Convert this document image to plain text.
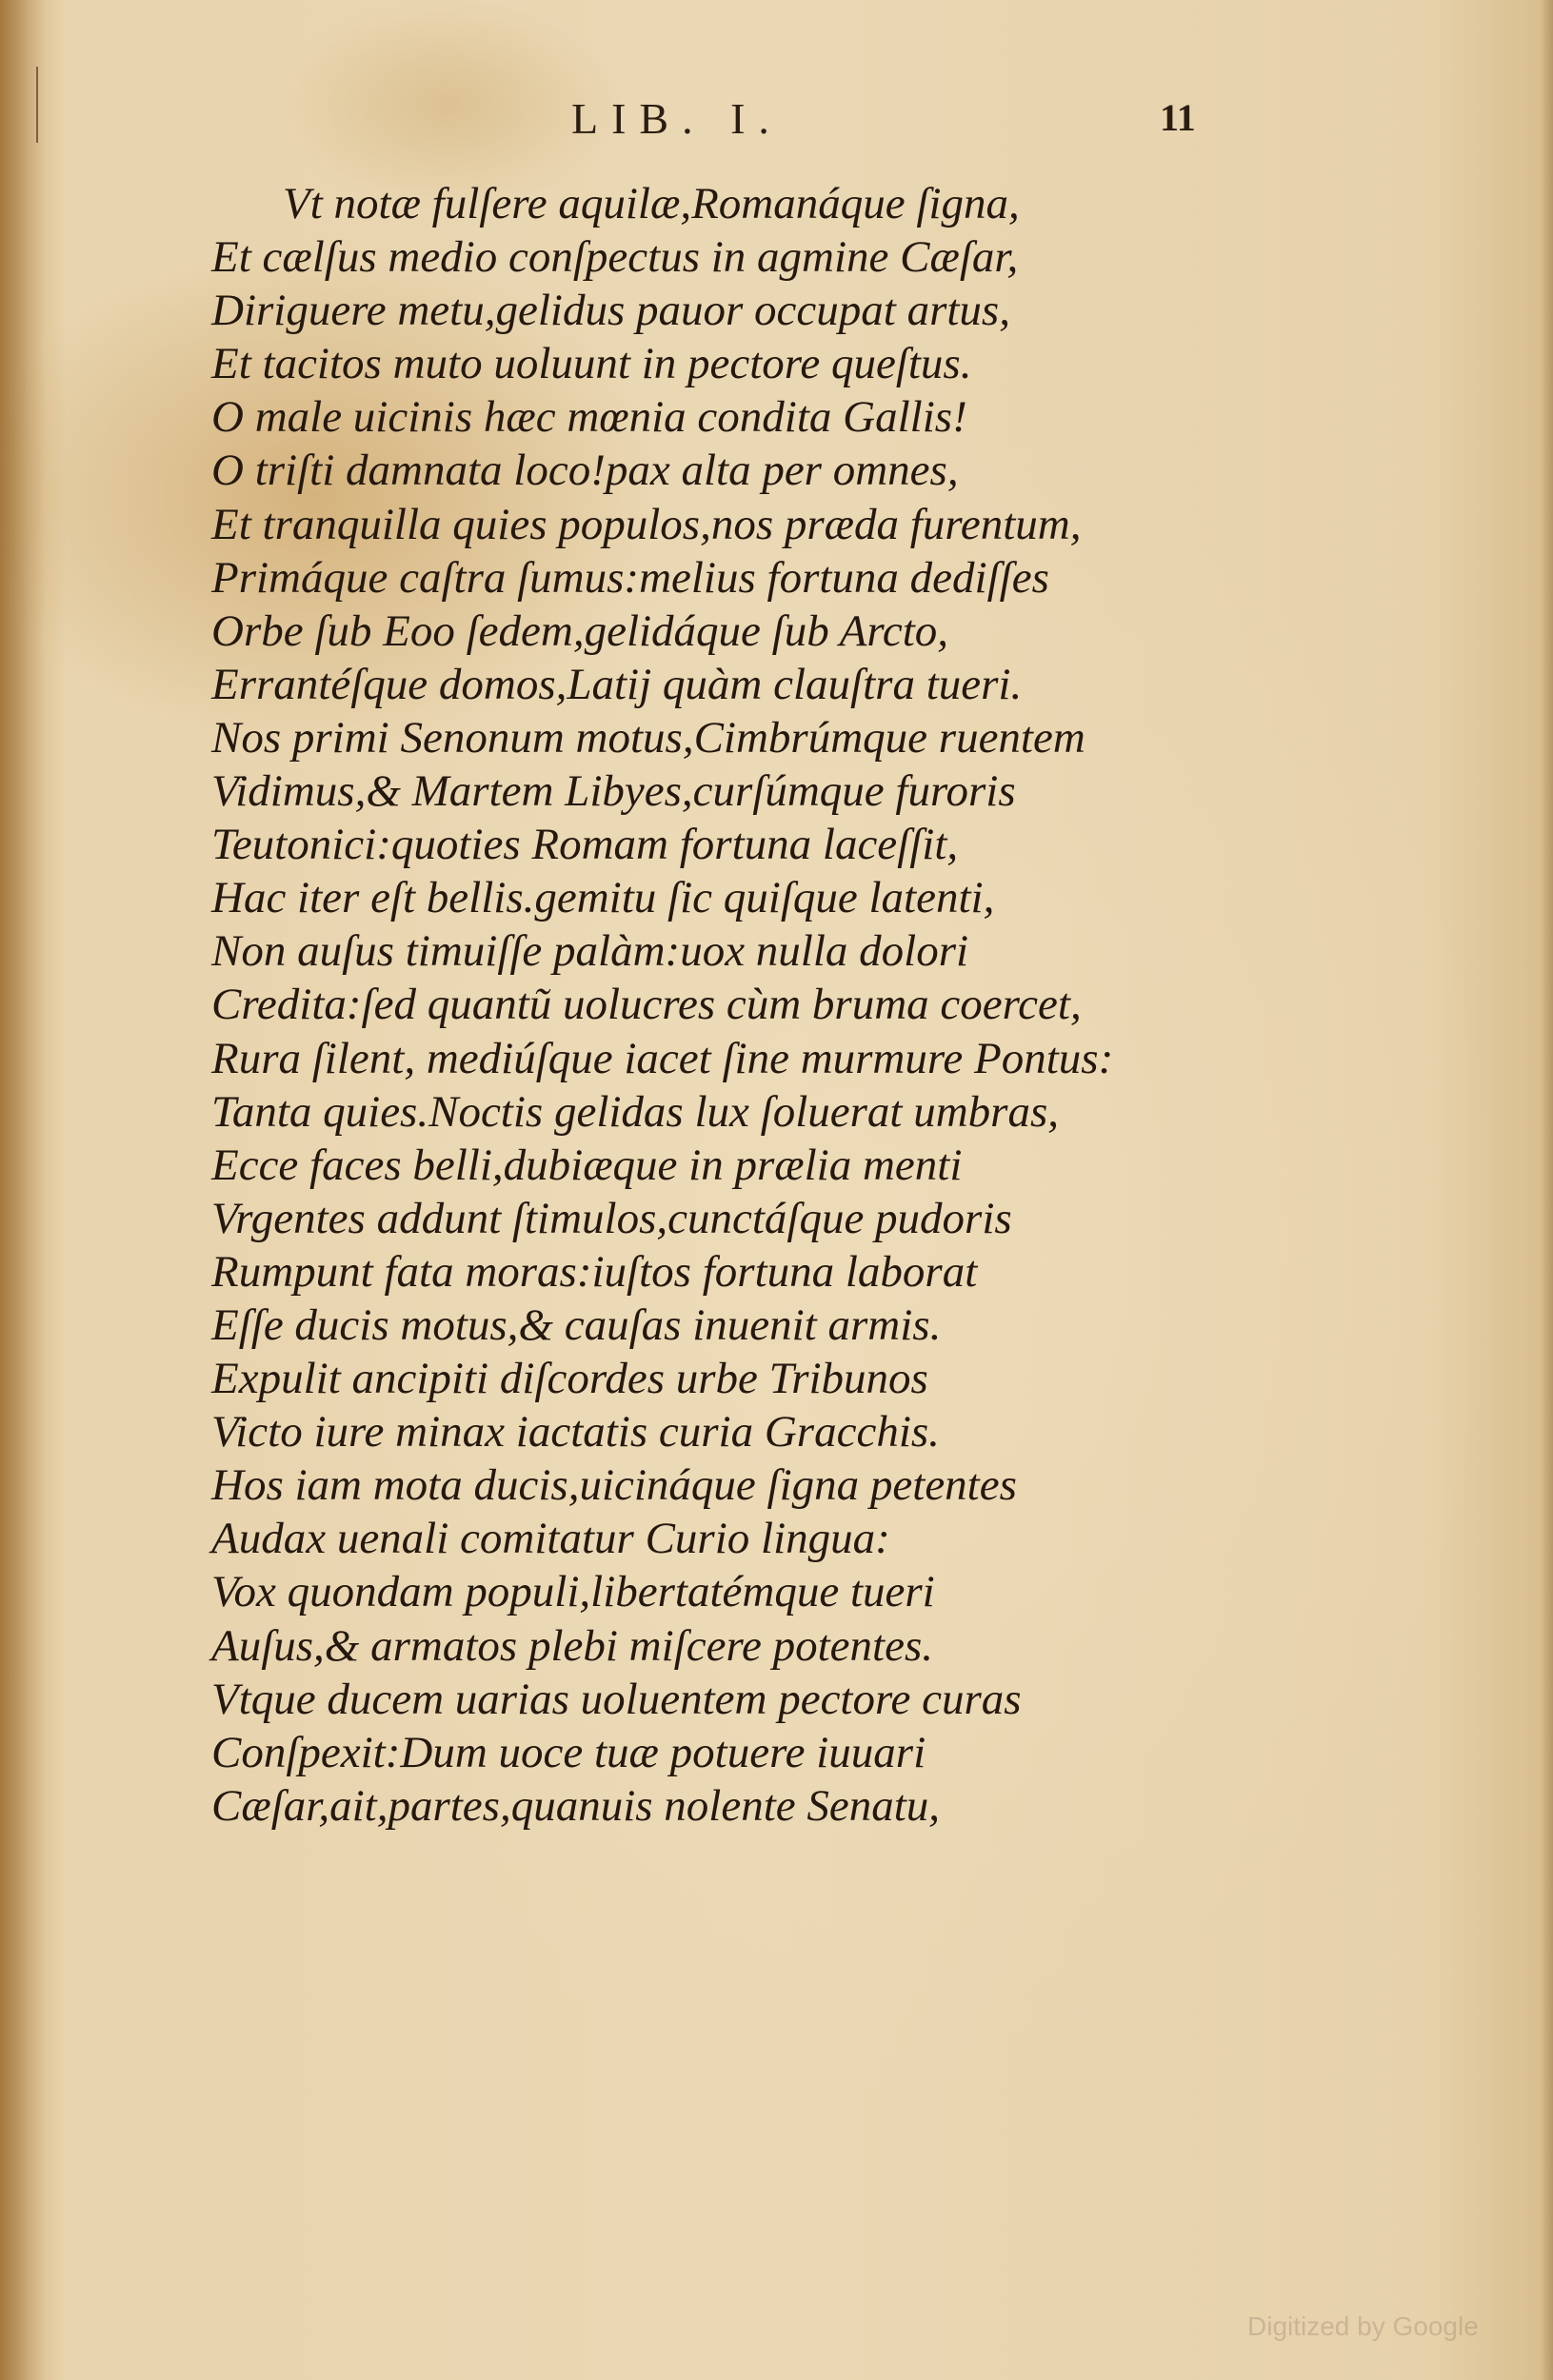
LIB. I.	11
Vt notæ fulſere aquilæ,Romanáque ſigna,
Et cælſus medio conſpectus in agmine Cæſar,
Diriguere metu,gelidus pauor occupat artus,
Et tacitos muto uoluunt in pectore queſtus.
O male uicinis hæc mœnia condita Gallis!
O triſti damnata loco!pax alta per omnes,
Et tranquilla quies populos,nos præda furentum,
Primáque caſtra ſumus:melius fortuna dediſſes
Orbe ſub Eoo ſedem,gelidáque ſub Arcto,
Errantéſque domos,Latij quàm clauſtra tueri.
Nos primi Senonum motus,Cimbrúmque ruentem
Vidimus,& Martem Libyes,curſúmque furoris
Teutonici:quoties Romam fortuna laceſſit,
Hac iter eſt bellis.gemitu ſic quiſque latenti,
Non auſus timuiſſe palàm:uox nulla dolori
Credita:ſed quantũ uolucres cùm bruma coercet,
Rura ſilent, mediúſque iacet ſine murmure Pontus:
Tanta quies.Noctis gelidas lux ſoluerat umbras,
Ecce faces belli,dubiæque in prælia menti
Vrgentes addunt ſtimulos,cunctáſque pudoris
Rumpunt fata moras:iuſtos fortuna laborat
Eſſe ducis motus,& cauſas inuenit armis.
Expulit ancipiti diſcordes urbe Tribunos
Victo iure minax iactatis curia Gracchis.
Hos iam mota ducis,uicináque ſigna petentes
Audax uenali comitatur Curio lingua:
Vox quondam populi,libertatémque tueri
Auſus,& armatos plebi miſcere potentes.
Vtque ducem uarias uoluentem pectore curas
Conſpexit:Dum uoce tuæ potuere iuuari
Cæſar,ait,partes,quanuis nolente Senatu,
Digitized by Google
